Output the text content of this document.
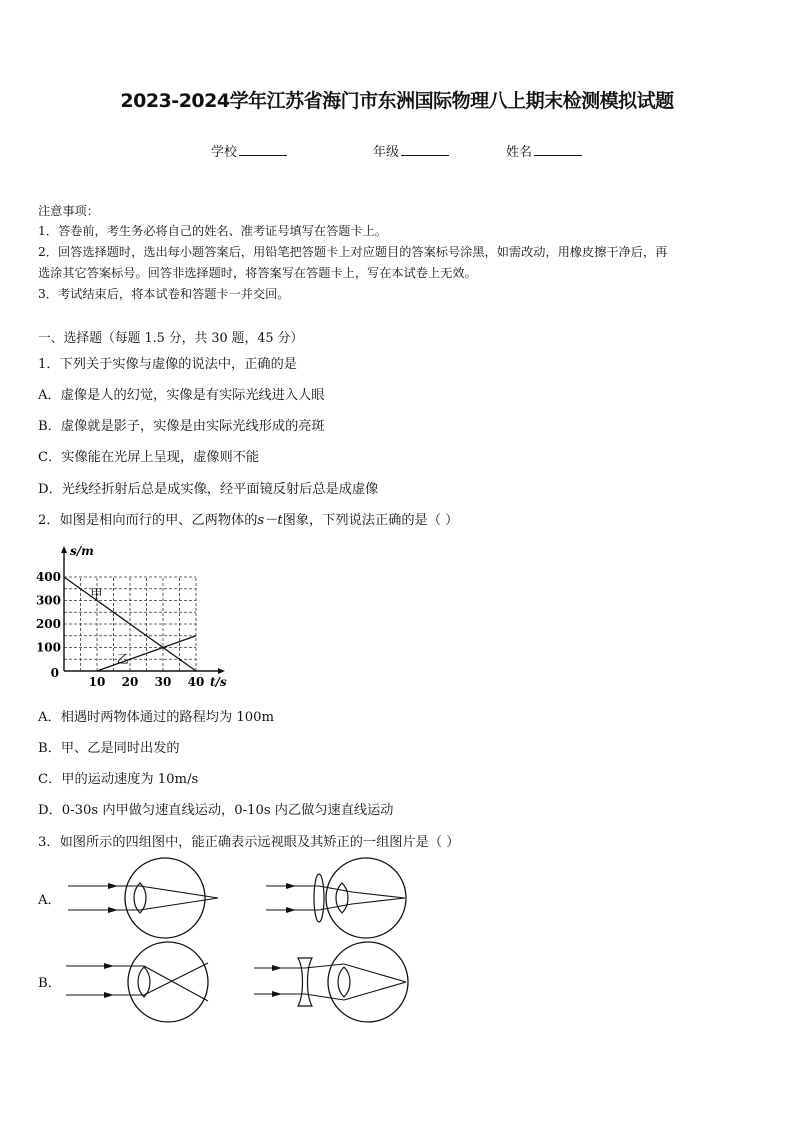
2023-2024学年江苏省海门市东洲国际物理八上期末检测模拟试题
学校	年级	姓名
注意事项：
1．答卷前，考生务必将自己的姓名、准考证号填写在答题卡上。
2．回答选择题时，选出每小题答案后，用铅笔把答题卡上对应题目的答案标号涂黑，如需改动，用橡皮擦干净后，再
选涂其它答案标号。回答非选择题时，将答案写在答题卡上，写在本试卷上无效。
3．考试结束后，将本试卷和答题卡一并交回。
一、选择题（每题 1.5 分，共 30 题，45 分）
1．下列关于实像与虚像的说法中，正确的是
A．虚像是人的幻觉，实像是有实际光线进入人眼
B．虚像就是影子，实像是由实际光线形成的亮斑
C．实像能在光屏上呈现，虚像则不能
D．光线经折射后总是成实像，经平面镜反射后总是成虚像
2．如图是相向而行的甲、乙两物体的s－t图象，下列说法正确的是（ ）
甲
乙
10 20 30 40
100
200
300
400
0
t/s
s/m
A．相遇时两物体通过的路程均为 100m
B．甲、乙是同时出发的
C．甲的运动速度为 10m/s
D．0-30s 内甲做匀速直线运动，0-10s 内乙做匀速直线运动
3．如图所示的四组图中，能正确表示远视眼及其矫正的一组图片是（ ）
A．
B．
